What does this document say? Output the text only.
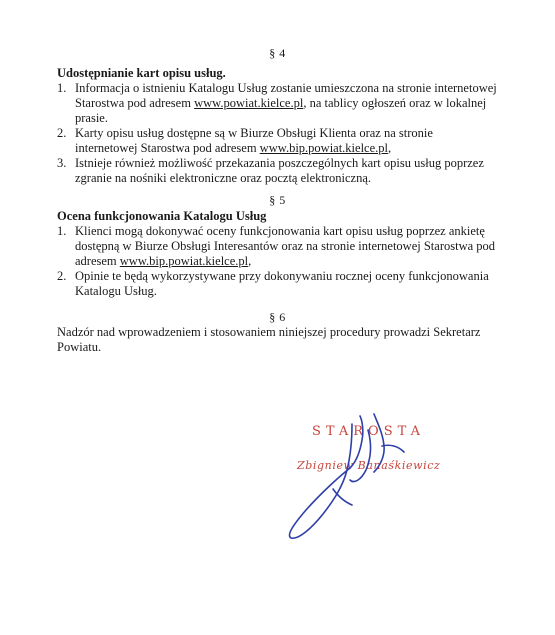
§ 4
Udostępnianie kart opisu usług.
1. Informacja o istnieniu Katalogu Usług zostanie umieszczona na stronie internetowej Starostwa pod adresem www.powiat.kielce.pl, na tablicy ogłoszeń oraz w lokalnej prasie.
2. Karty opisu usług dostępne są w Biurze Obsługi Klienta oraz na stronie internetowej Starostwa pod adresem www.bip.powiat.kielce.pl,
3. Istnieje również możliwość przekazania poszczególnych kart opisu usług poprzez zgranie na nośniki elektroniczne oraz pocztą elektroniczną.
§ 5
Ocena funkcjonowania Katalogu Usług
1. Klienci mogą dokonywać oceny funkcjonowania kart opisu usług poprzez ankietę dostępną w Biurze Obsługi Interesantów oraz na stronie internetowej Starostwa pod adresem www.bip.powiat.kielce.pl,
2. Opinie te będą wykorzystywane przy dokonywaniu rocznej oceny funkcjonowania Katalogu Usług.
§ 6
Nadzór nad wprowadzeniem i stosowaniem niniejszej procedury prowadzi Sekretarz Powiatu.
STAROSTA
Zbigniew Banaśkiewicz
